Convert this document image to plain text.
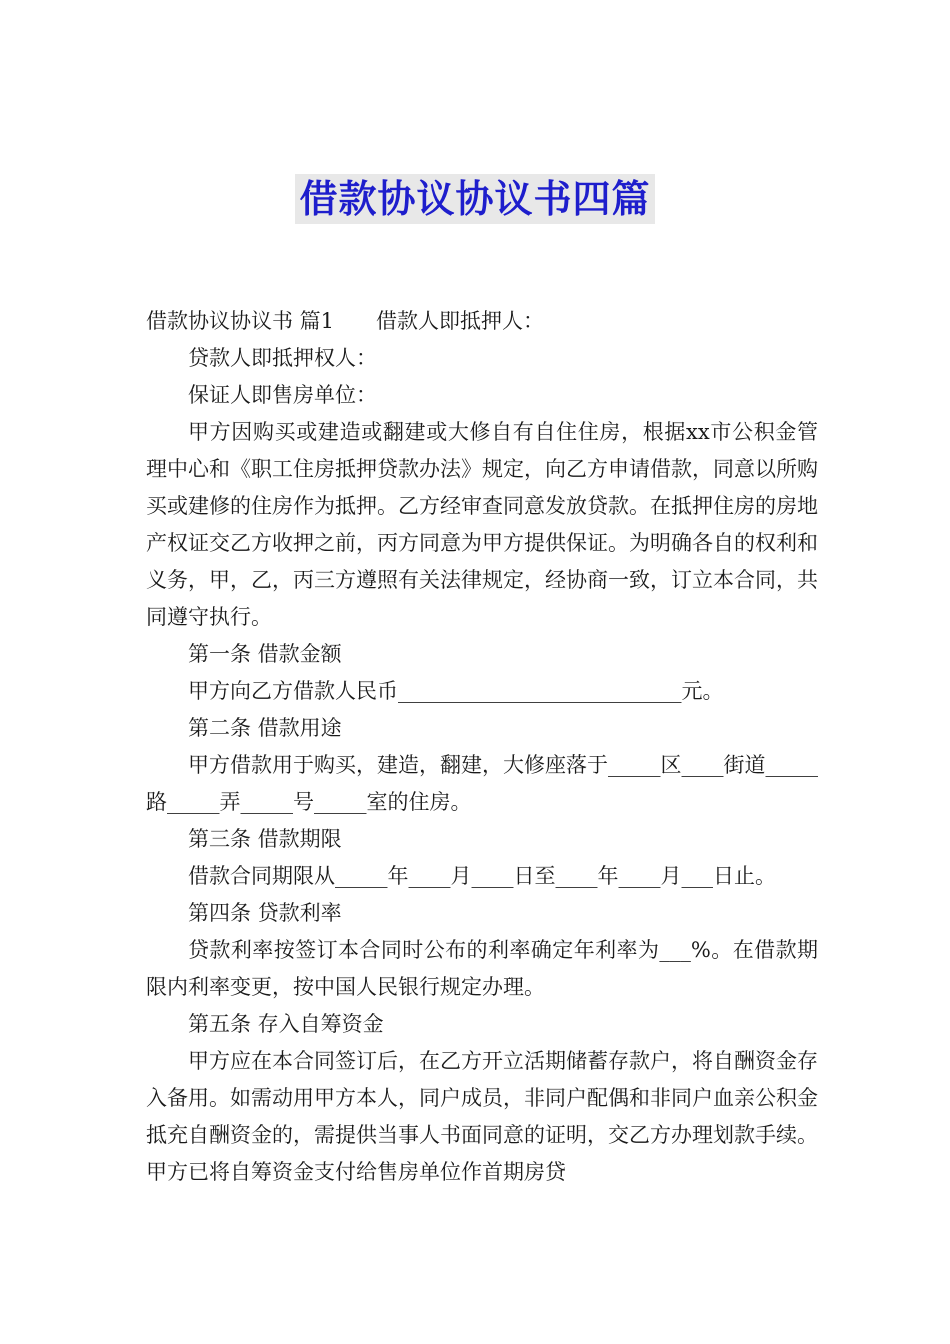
借款协议协议书四篇

借款协议协议书 篇1 借款人即抵押人：

贷款人即抵押权人：

保证人即售房单位：

甲方因购买或建造或翻建或大修自有自住住房，根据xx市公积金管理中心和《职工住房抵押贷款办法》规定，向乙方申请借款，同意以所购买或建修的住房作为抵押。乙方经审查同意发放贷款。在抵押住房的房地产权证交乙方收押之前，丙方同意为甲方提供保证。为明确各自的权利和义务，甲，乙，丙三方遵照有关法律规定，经协商一致，订立本合同，共同遵守执行。

第一条 借款金额

甲方向乙方借款人民币___________________________元。

第二条 借款用途

甲方借款用于购买，建造，翻建，大修座落于_____区____街道_____路_____弄_____号_____室的住房。

第三条 借款期限

借款合同期限从_____年____月____日至____年____月___日止。

第四条 贷款利率

贷款利率按签订本合同时公布的利率确定年利率为___%。在借款期限内利率变更，按中国人民银行规定办理。

第五条 存入自筹资金

甲方应在本合同签订后，在乙方开立活期储蓄存款户，将自酬资金存入备用。如需动用甲方本人，同户成员，非同户配偶和非同户血亲公积金抵充自酬资金的，需提供当事人书面同意的证明，交乙方办理划款手续。甲方已将自筹资金支付给售房单位作首期房贷
